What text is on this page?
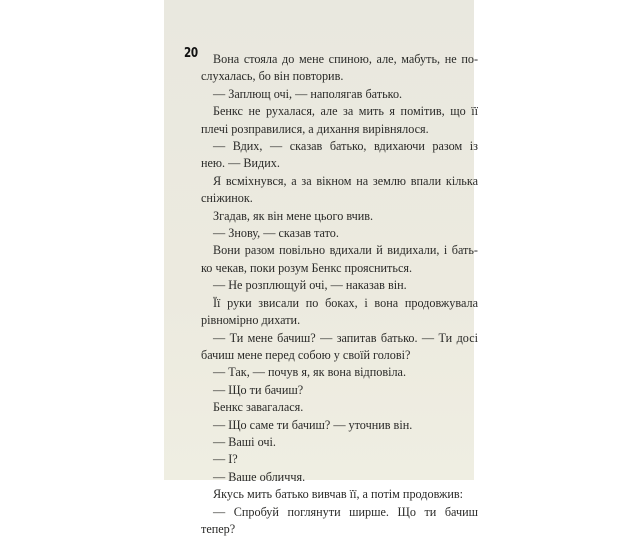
20	Вона стояла до мене спиною, але, мабуть, не по-

слухалась, бо він повторив.

— Заплющ очі, — наполягав батько.

Бенкс не рухалася, але за мить я помітив, що її

плечі розправилися, а дихання вирівнялося.

— Вдих, — сказав батько, вдихаючи разом із

нею. — Видих.

Я всміхнувся, а за вікном на землю впали кілька

сніжинок.

Згадав, як він мене цього вчив.

— Знову, — сказав тато.

Вони разом повільно вдихали й видихали, і бать-

ко чекав, поки розум Бенкс проясниться.

— Не розплющуй очі, — наказав він.

Її руки звисали по боках, і вона продовжувала

рівномірно дихати.

— Ти мене бачиш? — запитав батько. — Ти досі

бачиш мене перед собою у своїй голові?

— Так, — почув я, як вона відповіла.

— Що ти бачиш?

Бенкс завагалася.

— Що саме ти бачиш? — уточнив він.

— Ваші очі.

— І?

— Ваше обличчя.

Якусь мить батько вивчав її, а потім продовжив:

— Спробуй поглянути ширше. Що ти бачиш тепер?
